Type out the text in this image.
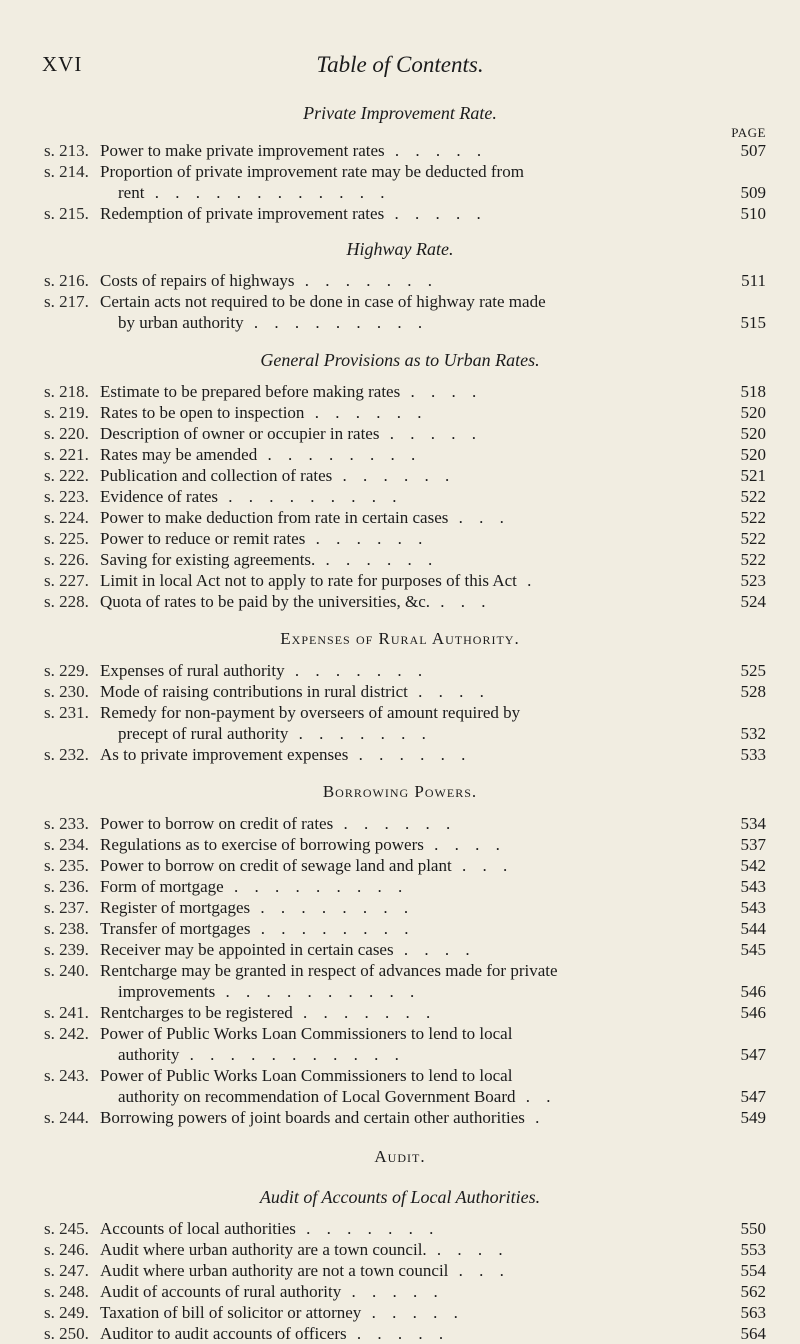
XVI	Table of Contents.
Private Improvement Rate.
PAGE
s. 213. Power to make private improvement rates . . . . .	507
s. 214. Proportion of private improvement rate may be deducted from
rent . . . . . . . . . . . .	509
s. 215. Redemption of private improvement rates . . . . .	510
Highway Rate.
s. 216. Costs of repairs of highways . . . . . . .	511
s. 217. Certain acts not required to be done in case of highway rate made
by urban authority . . . . . . . . .	515
General Provisions as to Urban Rates.
s. 218. Estimate to be prepared before making rates . . . .	518
s. 219. Rates to be open to inspection . . . . . .	520
s. 220. Description of owner or occupier in rates . . . . .	520
s. 221. Rates may be amended . . . . . . . .	520
s. 222. Publication and collection of rates . . . . . .	521
s. 223. Evidence of rates . . . . . . . . .	522
s. 224. Power to make deduction from rate in certain cases . . .	522
s. 225. Power to reduce or remit rates . . . . . .	522
s. 226. Saving for existing agreements. . . . . . .	522
s. 227. Limit in local Act not to apply to rate for purposes of this Act .	523
s. 228. Quota of rates to be paid by the universities, &c. . . .	524
Expenses of Rural Authority.
s. 229. Expenses of rural authority . . . . . . .	525
s. 230. Mode of raising contributions in rural district . . . .	528
s. 231. Remedy for non-payment by overseers of amount required by
precept of rural authority . . . . . . .	532
s. 232. As to private improvement expenses . . . . . .	533
Borrowing Powers.
s. 233. Power to borrow on credit of rates . . . . . .	534
s. 234. Regulations as to exercise of borrowing powers . . . .	537
s. 235. Power to borrow on credit of sewage land and plant . . .	542
s. 236. Form of mortgage . . . . . . . . .	543
s. 237. Register of mortgages . . . . . . . .	543
s. 238. Transfer of mortgages . . . . . . . .	544
s. 239. Receiver may be appointed in certain cases . . . .	545
s. 240. Rentcharge may be granted in respect of advances made for private
improvements . . . . . . . . . .	546
s. 241. Rentcharges to be registered . . . . . . .	546
s. 242. Power of Public Works Loan Commissioners to lend to local
authority . . . . . . . . . . .	547
s. 243. Power of Public Works Loan Commissioners to lend to local
authority on recommendation of Local Government Board . .	547
s. 244. Borrowing powers of joint boards and certain other authorities .	549
Audit.
Audit of Accounts of Local Authorities.
s. 245. Accounts of local authorities . . . . . . .	550
s. 246. Audit where urban authority are a town council. . . . .	553
s. 247. Audit where urban authority are not a town council . . .	554
s. 248. Audit of accounts of rural authority . . . . .	562
s. 249. Taxation of bill of solicitor or attorney . . . . .	563
s. 250. Auditor to audit accounts of officers . . . . .	564
